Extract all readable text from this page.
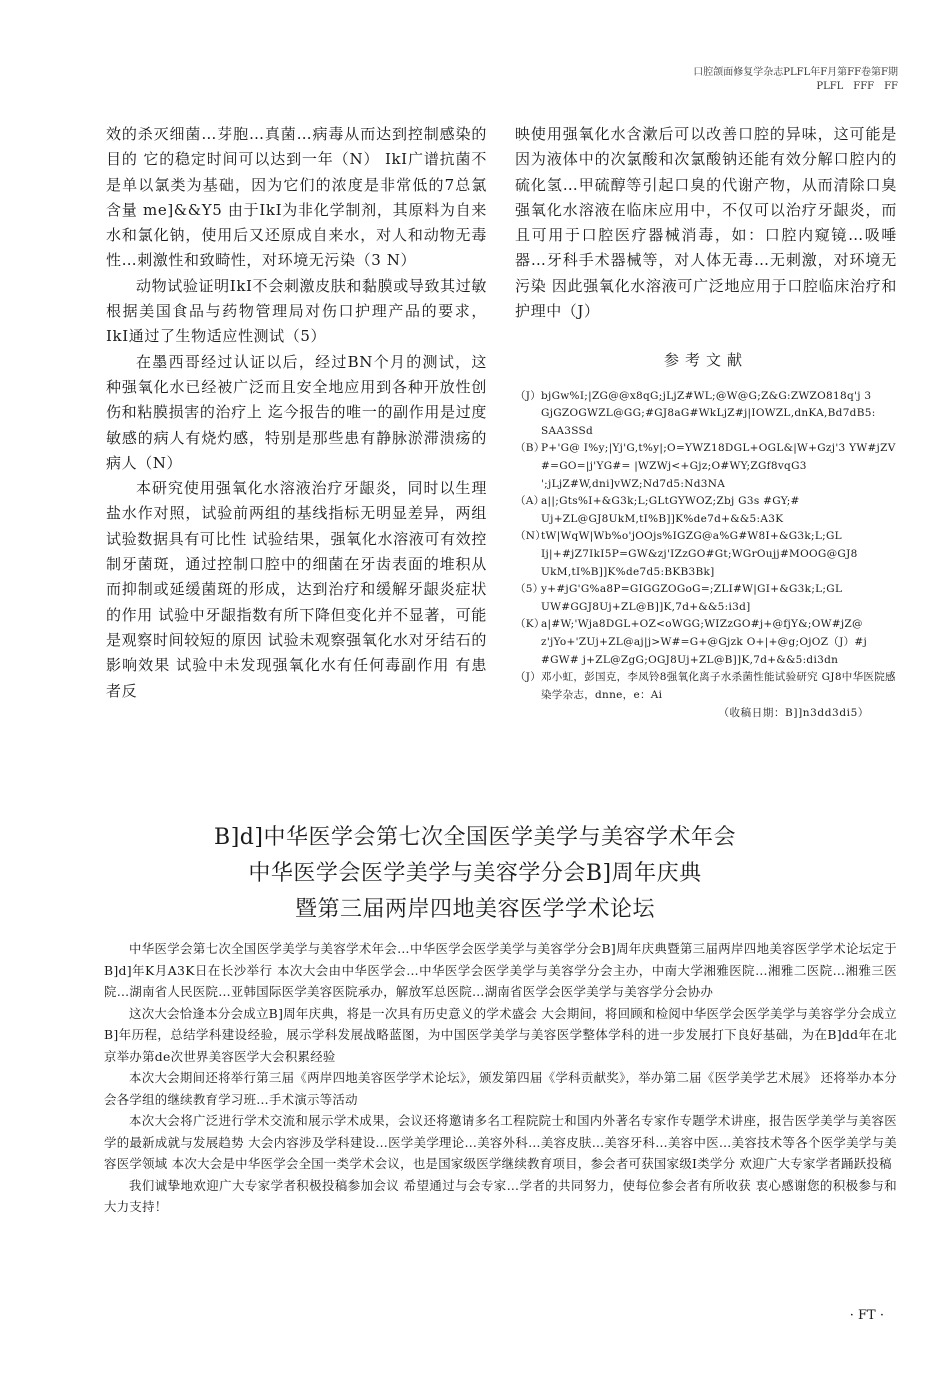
口腔颌面修复学杂志PLFL年F月第FF卷第F期
PLFL　FFF　FF

效的杀灭细菌…芽胞…真菌…病毒从而达到控制感染的目的 它的稳定时间可以达到一年（N） IkI广谱抗菌不是单以氯类为基础，因为它们的浓度是非常低的7总氯含量 me]&&Y5 由于IkI为非化学制剂，其原料为自来水和氯化钠，使用后又还原成自来水，对人和动物无毒性…刺激性和致畸性，对环境无污染（3 N）

动物试验证明IkI不会刺激皮肤和黏膜或导致其过敏 根据美国食品与药物管理局对伤口护理产品的要求，IkI通过了生物适应性测试（5）

在墨西哥经过认证以后，经过BN个月的测试，这种强氧化水已经被广泛而且安全地应用到各种开放性创伤和粘膜损害的治疗上 迄今报告的唯一的副作用是过度敏感的病人有烧灼感，特别是那些患有静脉淤滞溃疡的病人（N）

本研究使用强氧化水溶液治疗牙龈炎，同时以生理盐水作对照，试验前两组的基线指标无明显差异，两组试验数据具有可比性 试验结果，强氧化水溶液可有效控制牙菌斑，通过控制口腔中的细菌在牙齿表面的堆积从而抑制或延缓菌斑的形成，达到治疗和缓解牙龈炎症状的作用 试验中牙龈指数有所下降但变化并不显著，可能是观察时间较短的原因 试验未观察强氧化水对牙结石的影响效果 试验中未发现强氧化水有任何毒副作用 有患者反

映使用强氧化水含漱后可以改善口腔的异味，这可能是因为液体中的次氯酸和次氯酸钠还能有效分解口腔内的硫化氢…甲硫醇等引起口臭的代谢产物，从而清除口臭 强氧化水溶液在临床应用中，不仅可以治疗牙龈炎，而且可用于口腔医疗器械消毒，如：口腔内窥镜…吸唾器…牙科手术器械等，对人体无毒…无刺激，对环境无污染 因此强氧化水溶液可广泛地应用于口腔临床治疗和护理中（J）

参考文献
（J） bjGw%I;|ZG@@x8qG;jLjZ#WL;@W@G;Z&G:ZWZO818q'j 3 GjGZOGWZL@GG;#GJ8aG#WkLjZ#j|IOWZL,dnKA,Bd7dB5: SAA3SSd
（B）
P+'G@ I%y;|Yj'G,t%y|;O=YWZ18DGL+OGL&|W+Gzj'3 YW#jZV #=GO=|j'YG#= |WZWj<+Gjz;O#WY;ZGf8vqG3 ';jLjZ#W,dni]vWZ;Nd7d5:Nd3NA
（A）
a||;Gts%I+&G3k;L;GLtGYWOZ;Zbj G3s #GY;# Uj+ZL@GJ8UkM,tI%B]]K%de7d+&&5:A3K
（N）
tW|WqW|Wb%o'jOOjs%IGZG@a%G#W8I+&G3k;L;GL Ij|+#jZ7IkI5P=GW&zj'IZzGO#Gt;WGrOujj#MOOG@GJ8 UkM,tI%B]]K%de7d5:BKB3Bk]
（5）
y+#jG'G%a8P=GIGGZOGoG=;ZLI#W|GI+&G3k;L;GL UW#GGJ8Uj+ZL@B]]K,7d+&&5:i3d]
（K）
a|#W;'Wja8DGL+OZ<oWGG;WIZzGO#j+@fjY&;OW#jZ@ z'jYo+'ZUj+ZL@aj|j>W#=G+@Gjzk O+|+@g;OjOZ（J）#j #GW# j+ZL@ZgG;OGJ8Uj+ZL@B]]K,7d+&&5:di3dn
（J） 邓小虹，彭国克，李凤铃8强氧化离子水杀菌性能试验研究 GJ8中华医院感染学杂志，dnne，e：Ai
（收稿日期：B]]n3dd3di5）
B]d]中华医学会第七次全国医学美学与美容学术年会
中华医学会医学美学与美容学分会B]周年庆典
暨第三届两岸四地美容医学学术论坛

中华医学会第七次全国医学美学与美容学术年会…中华医学会医学美学与美容学分会B]周年庆典暨第三届两岸四地美容医学学术论坛定于B]d]年K月A3K日在长沙举行 本次大会由中华医学会…中华医学会医学美学与美容学分会主办，中南大学湘雅医院…湘雅二医院…湘雅三医院…湖南省人民医院…亚韩国际医学美容医院承办，解放军总医院…湖南省医学会医学美学与美容学分会协办

这次大会恰逢本分会成立B]周年庆典，将是一次具有历史意义的学术盛会 大会期间，将回顾和检阅中华医学会医学美学与美容学分会成立B]年历程，总结学科建设经验，展示学科发展战略蓝图，为中国医学美学与美容医学整体学科的进一步发展打下良好基础，为在B]dd年在北京举办第de次世界美容医学大会积累经验

本次大会期间还将举行第三届《两岸四地美容医学学术论坛》，颁发第四届《学科贡献奖》，举办第二届《医学美学艺术展》 还将举办本分会各学组的继续教育学习班…手术演示等活动

本次大会将广泛进行学术交流和展示学术成果，会议还将邀请多名工程院院士和国内外著名专家作专题学术讲座，报告医学美学与美容医学的最新成就与发展趋势 大会内容涉及学科建设…医学美学理论…美容外科…美容皮肤…美容牙科…美容中医…美容技术等各个医学美学与美容医学领域 本次大会是中华医学会全国一类学术会议，也是国家级医学继续教育项目，参会者可获国家级Ⅰ类学分 欢迎广大专家学者踊跃投稿

我们诚挚地欢迎广大专家学者积极投稿参加会议 希望通过与会专家…学者的共同努力，使每位参会者有所收获 衷心感谢您的积极参与和大力支持！

· FT ·
